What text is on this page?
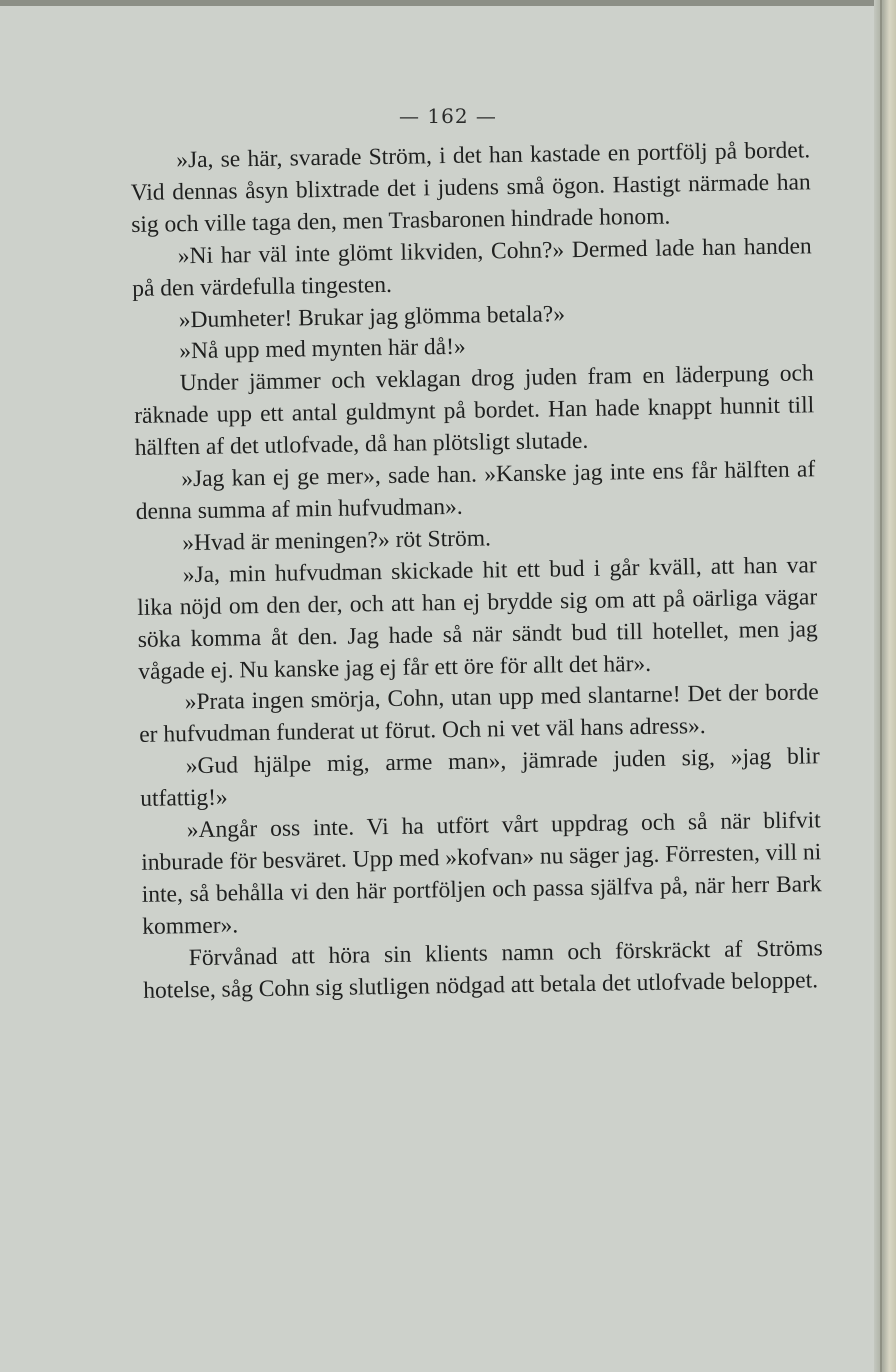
— 162 —

»Ja, se här, svarade Ström, i det han kastade en portfölj på bordet. Vid dennas åsyn blixtrade det i judens små ögon. Hastigt närmade han sig och ville taga den, men Trasbaronen hindrade honom.

»Ni har väl inte glömt likviden, Cohn?» Dermed lade han handen på den värdefulla tingesten.

»Dumheter! Brukar jag glömma betala?»

»Nå upp med mynten här då!»

Under jämmer och veklagan drog juden fram en läderpung och räknade upp ett antal guldmynt på bordet. Han hade knappt hunnit till hälften af det utlofvade, då han plötsligt slutade.

»Jag kan ej ge mer», sade han. »Kanske jag inte ens får hälften af denna summa af min hufvudman».

»Hvad är meningen?» röt Ström.

»Ja, min hufvudman skickade hit ett bud i går kväll, att han var lika nöjd om den der, och att han ej brydde sig om att på oärliga vägar söka komma åt den. Jag hade så när sändt bud till hotellet, men jag vågade ej. Nu kanske jag ej får ett öre för allt det här».

»Prata ingen smörja, Cohn, utan upp med slantarne! Det der borde er hufvudman funderat ut förut. Och ni vet väl hans adress».

»Gud hjälpe mig, arme man», jämrade juden sig, »jag blir utfattig!»

»Angår oss inte. Vi ha utfört vårt uppdrag och så när blifvit inburade för besväret. Upp med »kofvan» nu säger jag. Förresten, vill ni inte, så behålla vi den här portföljen och passa själfva på, när herr Bark kommer».

Förvånad att höra sin klients namn och förskräckt af Ströms hotelse, såg Cohn sig slutligen nödgad att betala det utlofvade beloppet.
